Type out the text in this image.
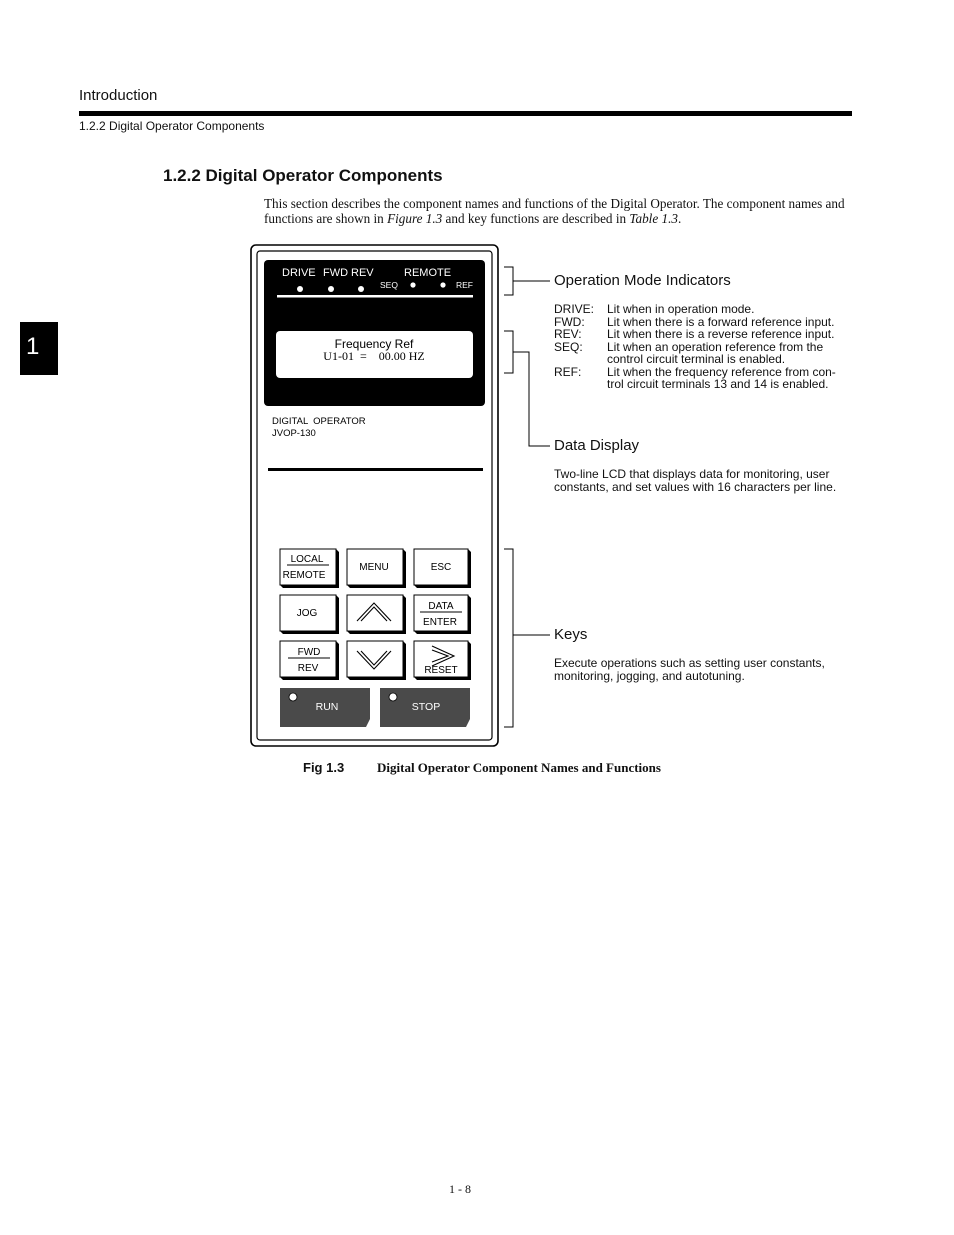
Introduction
1.2.2 Digital Operator Components
1
1.2.2 Digital Operator Components
This section describes the component names and functions of the Digital Operator. The component names and functions are shown in Figure 1.3 and key functions are described in Table 1.3.
DRIVE FWD REV	REMOTE
SEQ	REF
Frequency Ref
U1-01  =    00.00 HZ
DIGITAL  OPERATOR
JVOP-130
LOCAL
REMOTE
MENU	ESC
JOG
DATA
ENTER
FWD
REV	RESET
RUN	STOP
Operation Mode Indicators
DRIVE:	Lit when in operation mode.
FWD:	Lit when there is a forward reference input.
REV:	Lit when there is a reverse reference input.
SEQ:	Lit when an operation reference from the control circuit terminal is enabled.
REF:	Lit when the frequency reference from con-trol circuit terminals 13 and 14 is enabled.
Data Display
Two-line LCD that displays data for monitoring, user constants, and set values with 16 characters per line.
Keys
Execute operations such as setting user constants, monitoring, jogging, and autotuning.
Fig 1.3	Digital Operator Component Names and Functions
1 - 8
